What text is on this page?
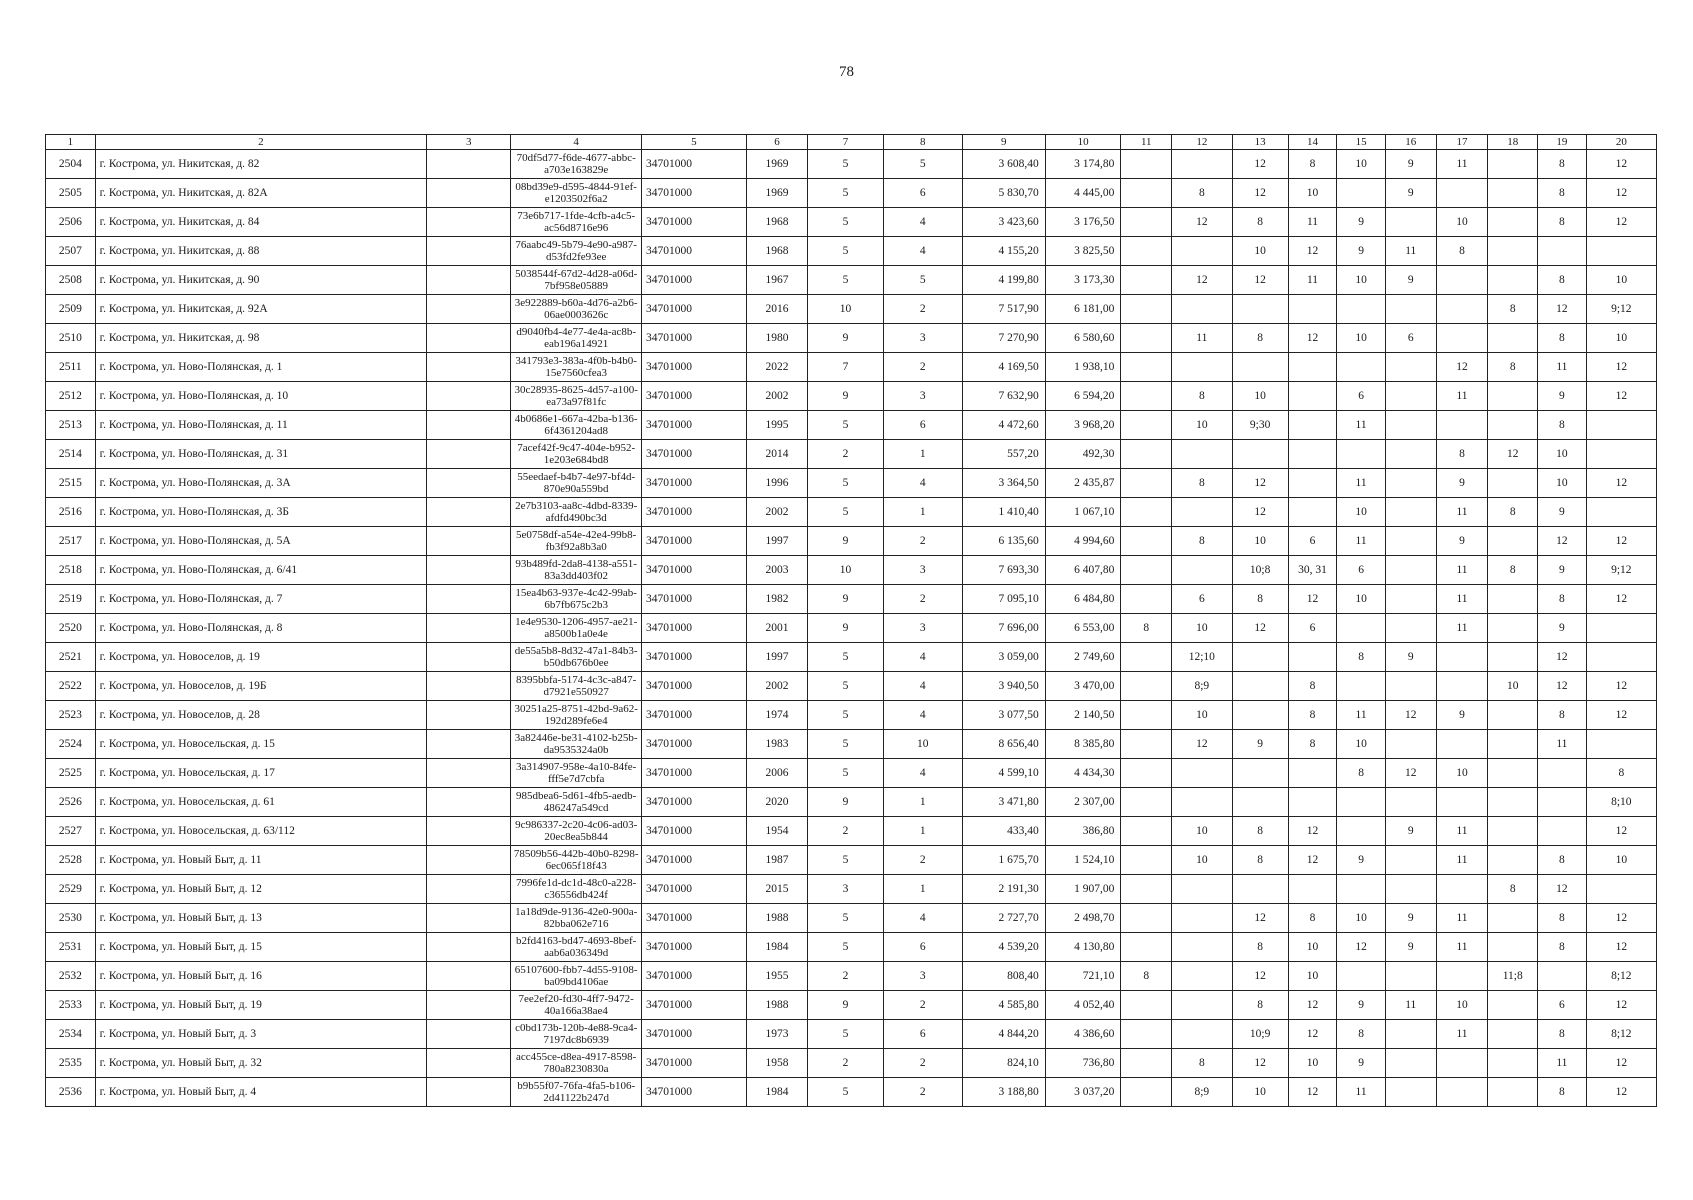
78
1	2	3	4	5	6	7	8	9	10	11	12	13	14	15	16	17	18	19	20
2504	г. Кострома, ул. Никитская, д. 82		70df5d77-f6de-4677-abbc-a703e163829e	34701000	1969	5	5	3 608,40	3 174,80			12	8	10	9	11		8	12
2505	г. Кострома, ул. Никитская, д. 82А		08bd39e9-d595-4844-91ef-e1203502f6a2	34701000	1969	5	6	5 830,70	4 445,00		8	12	10		9			8	12
2506	г. Кострома, ул. Никитская, д. 84		73e6b717-1fde-4cfb-a4c5-ac56d8716e96	34701000	1968	5	4	3 423,60	3 176,50		12	8	11	9		10		8	12
2507	г. Кострома, ул. Никитская, д. 88		76aabc49-5b79-4e90-a987-d53fd2fe93ee	34701000	1968	5	4	4 155,20	3 825,50			10	12	9	11	8			
2508	г. Кострома, ул. Никитская, д. 90		5038544f-67d2-4d28-a06d-7bf958e05889	34701000	1967	5	5	4 199,80	3 173,30		12	12	11	10	9			8	10
2509	г. Кострома, ул. Никитская, д. 92А		3e922889-b60a-4d76-a2b6-06ae0003626c	34701000	2016	10	2	7 517,90	6 181,00								8	12	9;12
2510	г. Кострома, ул. Никитская, д. 98		d9040fb4-4e77-4e4a-ac8b-eab196a14921	34701000	1980	9	3	7 270,90	6 580,60		11	8	12	10	6			8	10
2511	г. Кострома, ул. Ново-Полянская, д. 1		341793e3-383a-4f0b-b4b0-15e7560cfea3	34701000	2022	7	2	4 169,50	1 938,10							12	8	11	12
2512	г. Кострома, ул. Ново-Полянская, д. 10		30c28935-8625-4d57-a100-ea73a97f81fc	34701000	2002	9	3	7 632,90	6 594,20		8	10		6		11		9	12
2513	г. Кострома, ул. Ново-Полянская, д. 11		4b0686e1-667a-42ba-b136-6f4361204ad8	34701000	1995	5	6	4 472,60	3 968,20		10	9;30		11				8	
2514	г. Кострома, ул. Ново-Полянская, д. 31		7acef42f-9c47-404e-b952-1e203e684bd8	34701000	2014	2	1	557,20	492,30							8	12	10	
2515	г. Кострома, ул. Ново-Полянская, д. 3А		55eedaef-b4b7-4e97-bf4d-870e90a559bd	34701000	1996	5	4	3 364,50	2 435,87		8	12		11		9		10	12
2516	г. Кострома, ул. Ново-Полянская, д. 3Б		2e7b3103-aa8c-4dbd-8339-afdfd490bc3d	34701000	2002	5	1	1 410,40	1 067,10			12		10		11	8	9	
2517	г. Кострома, ул. Ново-Полянская, д. 5А		5e0758df-a54e-42e4-99b8-fb3f92a8b3a0	34701000	1997	9	2	6 135,60	4 994,60		8	10	6	11		9		12	12
2518	г. Кострома, ул. Ново-Полянская, д. 6/41		93b489fd-2da8-4138-a551-83a3dd403f02	34701000	2003	10	3	7 693,30	6 407,80			10;8	30, 31	6		11	8	9	9;12
2519	г. Кострома, ул. Ново-Полянская, д. 7		15ea4b63-937e-4c42-99ab-6b7fb675c2b3	34701000	1982	9	2	7 095,10	6 484,80		6	8	12	10		11		8	12
2520	г. Кострома, ул. Ново-Полянская, д. 8		1e4e9530-1206-4957-ae21-a8500b1a0e4e	34701000	2001	9	3	7 696,00	6 553,00	8	10	12	6			11		9	
2521	г. Кострома, ул. Новоселов, д. 19		de55a5b8-8d32-47a1-84b3-b50db676b0ee	34701000	1997	5	4	3 059,00	2 749,60		12;10			8	9			12	
2522	г. Кострома, ул. Новоселов, д. 19Б		8395bbfa-5174-4c3c-a847-d7921e550927	34701000	2002	5	4	3 940,50	3 470,00		8;9		8				10	12	12
2523	г. Кострома, ул. Новоселов, д. 28		30251a25-8751-42bd-9a62-192d289fe6e4	34701000	1974	5	4	3 077,50	2 140,50		10		8	11	12	9		8	12
2524	г. Кострома, ул. Новосельская, д. 15		3a82446e-be31-4102-b25b-da9535324a0b	34701000	1983	5	10	8 656,40	8 385,80		12	9	8	10				11	
2525	г. Кострома, ул. Новосельская, д. 17		3a314907-958e-4a10-84fe-fff5e7d7cbfa	34701000	2006	5	4	4 599,10	4 434,30					8	12	10			8
2526	г. Кострома, ул. Новосельская, д. 61		985dbea6-5d61-4fb5-aedb-486247a549cd	34701000	2020	9	1	3 471,80	2 307,00										8;10
2527	г. Кострома, ул. Новосельская, д. 63/112		9c986337-2c20-4c06-ad03-20ec8ea5b844	34701000	1954	2	1	433,40	386,80		10	8	12		9	11			12
2528	г. Кострома, ул. Новый Быт, д. 11		78509b56-442b-40b0-8298-6ec065f18f43	34701000	1987	5	2	1 675,70	1 524,10		10	8	12	9		11		8	10
2529	г. Кострома, ул. Новый Быт, д. 12		7996fe1d-dc1d-48c0-a228-c36556db424f	34701000	2015	3	1	2 191,30	1 907,00								8	12	
2530	г. Кострома, ул. Новый Быт, д. 13		1a18d9de-9136-42e0-900a-82bba062e716	34701000	1988	5	4	2 727,70	2 498,70			12	8	10	9	11		8	12
2531	г. Кострома, ул. Новый Быт, д. 15		b2fd4163-bd47-4693-8bef-aab6a036349d	34701000	1984	5	6	4 539,20	4 130,80			8	10	12	9	11		8	12
2532	г. Кострома, ул. Новый Быт, д. 16		65107600-fbb7-4d55-9108-ba09bd4106ae	34701000	1955	2	3	808,40	721,10	8		12	10				11;8		8;12
2533	г. Кострома, ул. Новый Быт, д. 19		7ee2ef20-fd30-4ff7-9472-40a166a38ae4	34701000	1988	9	2	4 585,80	4 052,40			8	12	9	11	10		6	12
2534	г. Кострома, ул. Новый Быт, д. 3		c0bd173b-120b-4e88-9ca4-7197dc8b6939	34701000	1973	5	6	4 844,20	4 386,60			10;9	12	8		11		8	8;12
2535	г. Кострома, ул. Новый Быт, д. 32		acc455ce-d8ea-4917-8598-780a8230830a	34701000	1958	2	2	824,10	736,80		8	12	10	9				11	12
2536	г. Кострома, ул. Новый Быт, д. 4		b9b55f07-76fa-4fa5-b106-2d41122b247d	34701000	1984	5	2	3 188,80	3 037,20		8;9	10	12	11				8	12
